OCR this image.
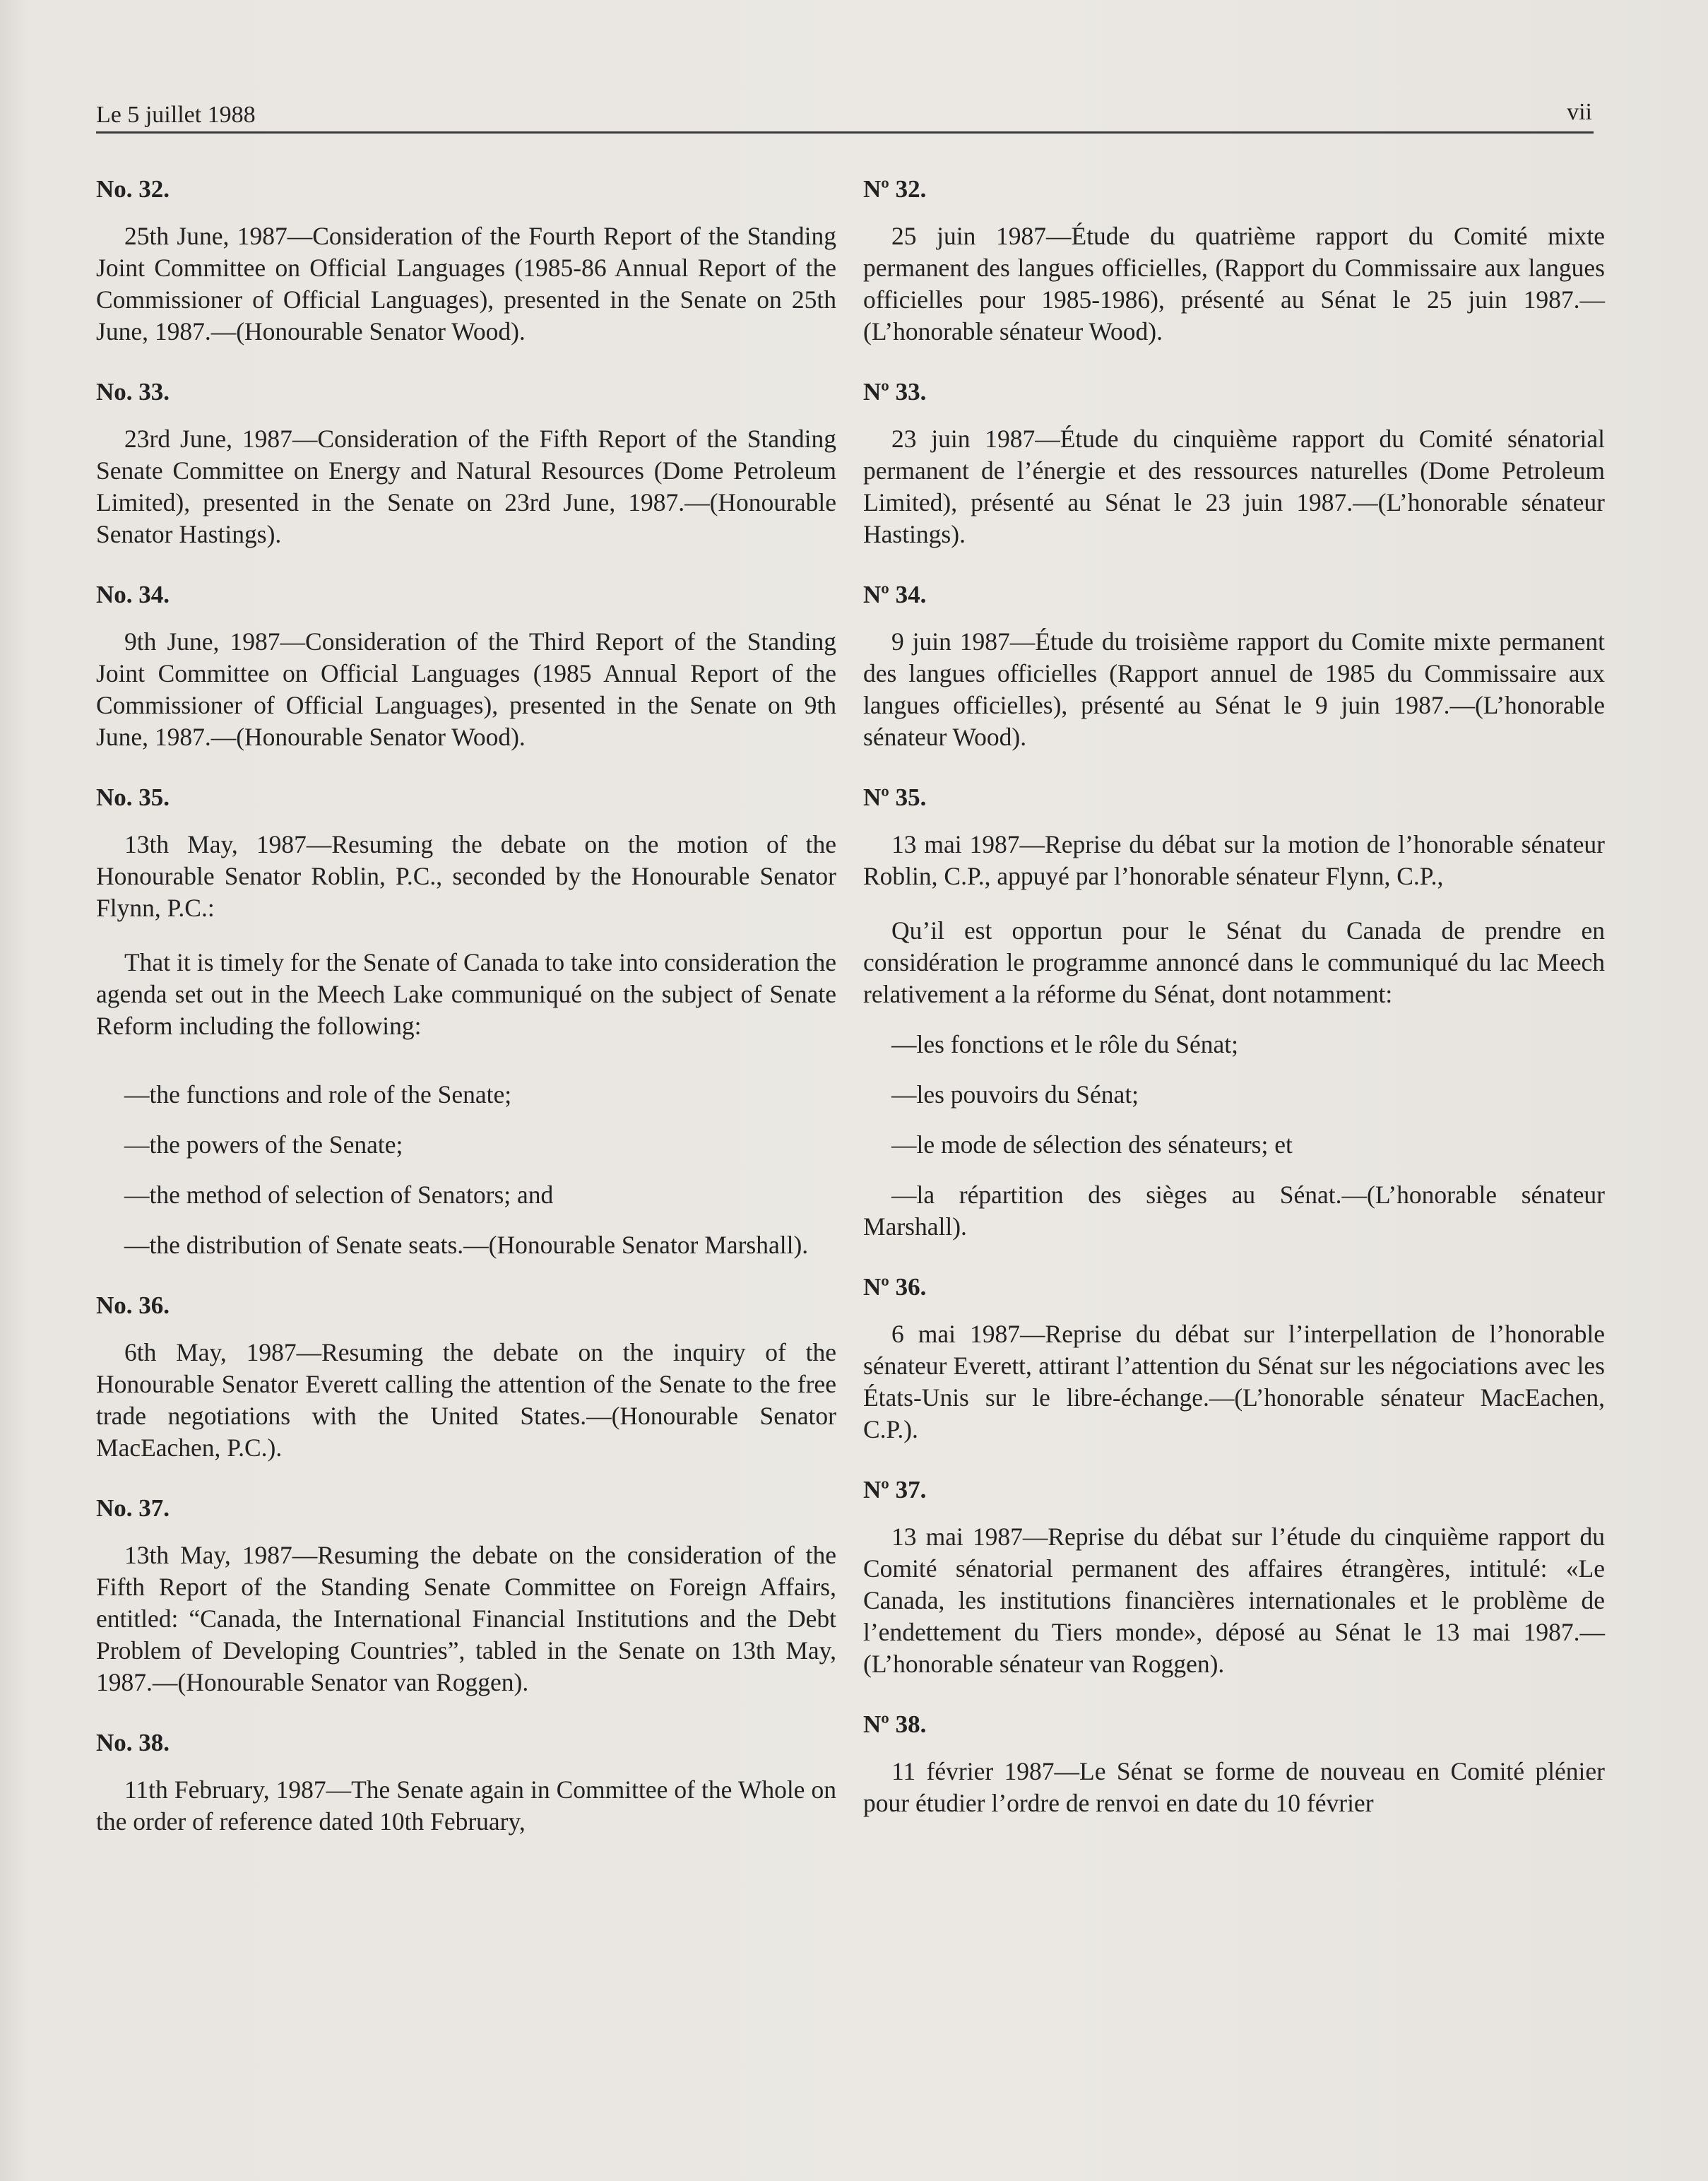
Le 5 juillet 1988	vii

No. 32.

25th June, 1987—Consideration of the Fourth Report of the Standing Joint Committee on Official Languages (1985-86 Annual Report of the Commissioner of Official Languages), presented in the Senate on 25th June, 1987.—(Honourable Senator Wood).

No. 33.

23rd June, 1987—Consideration of the Fifth Report of the Standing Senate Committee on Energy and Natural Resources (Dome Petroleum Limited), presented in the Senate on 23rd June, 1987.—(Honourable Senator Hastings).

No. 34.

9th June, 1987—Consideration of the Third Report of the Standing Joint Committee on Official Languages (1985 Annual Report of the Commissioner of Official Languages), presented in the Senate on 9th June, 1987.—(Honourable Senator Wood).

No. 35.

13th May, 1987—Resuming the debate on the motion of the Honourable Senator Roblin, P.C., seconded by the Honourable Senator Flynn, P.C.:

That it is timely for the Senate of Canada to take into consideration the agenda set out in the Meech Lake communiqué on the subject of Senate Reform including the following:

—the functions and role of the Senate;

—the powers of the Senate;

—the method of selection of Senators; and

—the distribution of Senate seats.—(Honourable Senator Marshall).

No. 36.

6th May, 1987—Resuming the debate on the inquiry of the Honourable Senator Everett calling the attention of the Senate to the free trade negotiations with the United States.—(Honourable Senator MacEachen, P.C.).

No. 37.

13th May, 1987—Resuming the debate on the consideration of the Fifth Report of the Standing Senate Committee on Foreign Affairs, entitled: “Canada, the International Financial Institutions and the Debt Problem of Developing Countries”, tabled in the Senate on 13th May, 1987.—(Honourable Senator van Roggen).

No. 38.

11th February, 1987—The Senate again in Committee of the Whole on the order of reference dated 10th February,

Nº 32.

25 juin 1987—Étude du quatrième rapport du Comité mixte permanent des langues officielles, (Rapport du Commissaire aux langues officielles pour 1985-1986), présenté au Sénat le 25 juin 1987.—(L’honorable sénateur Wood).

Nº 33.

23 juin 1987—Étude du cinquième rapport du Comité sénatorial permanent de l’énergie et des ressources naturelles (Dome Petroleum Limited), présenté au Sénat le 23 juin 1987.—(L’honorable sénateur Hastings).

Nº 34.

9 juin 1987—Étude du troisième rapport du Comite mixte permanent des langues officielles (Rapport annuel de 1985 du Commissaire aux langues officielles), présenté au Sénat le 9 juin 1987.—(L’honorable sénateur Wood).

Nº 35.

13 mai 1987—Reprise du débat sur la motion de l’honorable sénateur Roblin, C.P., appuyé par l’honorable sénateur Flynn, C.P.,

Qu’il est opportun pour le Sénat du Canada de prendre en considération le programme annoncé dans le communiqué du lac Meech relativement a la réforme du Sénat, dont notamment:

—les fonctions et le rôle du Sénat;

—les pouvoirs du Sénat;

—le mode de sélection des sénateurs; et

—la répartition des sièges au Sénat.—(L’honorable sénateur Marshall).

Nº 36.

6 mai 1987—Reprise du débat sur l’interpellation de l’honorable sénateur Everett, attirant l’attention du Sénat sur les négociations avec les États-Unis sur le libre-échange.—(L’honorable sénateur MacEachen, C.P.).

Nº 37.

13 mai 1987—Reprise du débat sur l’étude du cinquième rapport du Comité sénatorial permanent des affaires étrangères, intitulé: «Le Canada, les institutions financières internationales et le problème de l’endettement du Tiers monde», déposé au Sénat le 13 mai 1987.—(L’honorable sénateur van Roggen).

Nº 38.

11 février 1987—Le Sénat se forme de nouveau en Comité plénier pour étudier l’ordre de renvoi en date du 10 février
